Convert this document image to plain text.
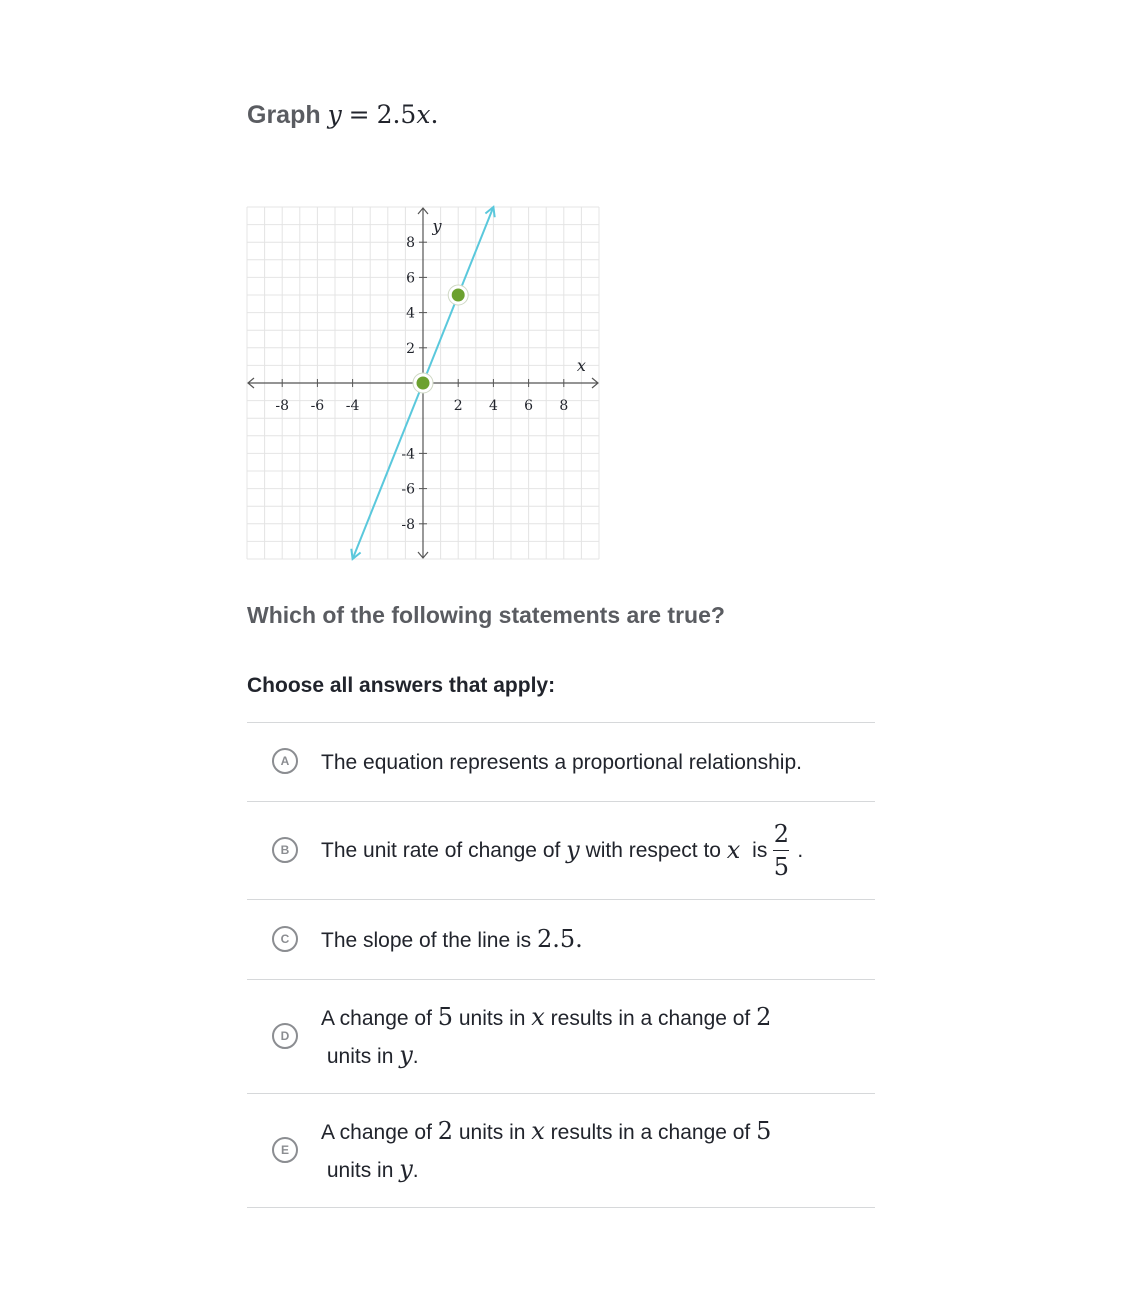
Graph y = 2.5x.
-8 -6 -4	2 4 6 8
8
6
4
2
-4
-6
-8
x
y
Which of the following statements are true?
Choose all answers that apply:
A	The equation represents a proportional relationship.
B	The unit rate of change of y with respect to x is $\frac{2}{5}$ .
C	The slope of the line is 2.5.
D
A change of 5 units in x results in a change of 2 units in y.
E
A change of 2 units in x results in a change of 5 units in y.
